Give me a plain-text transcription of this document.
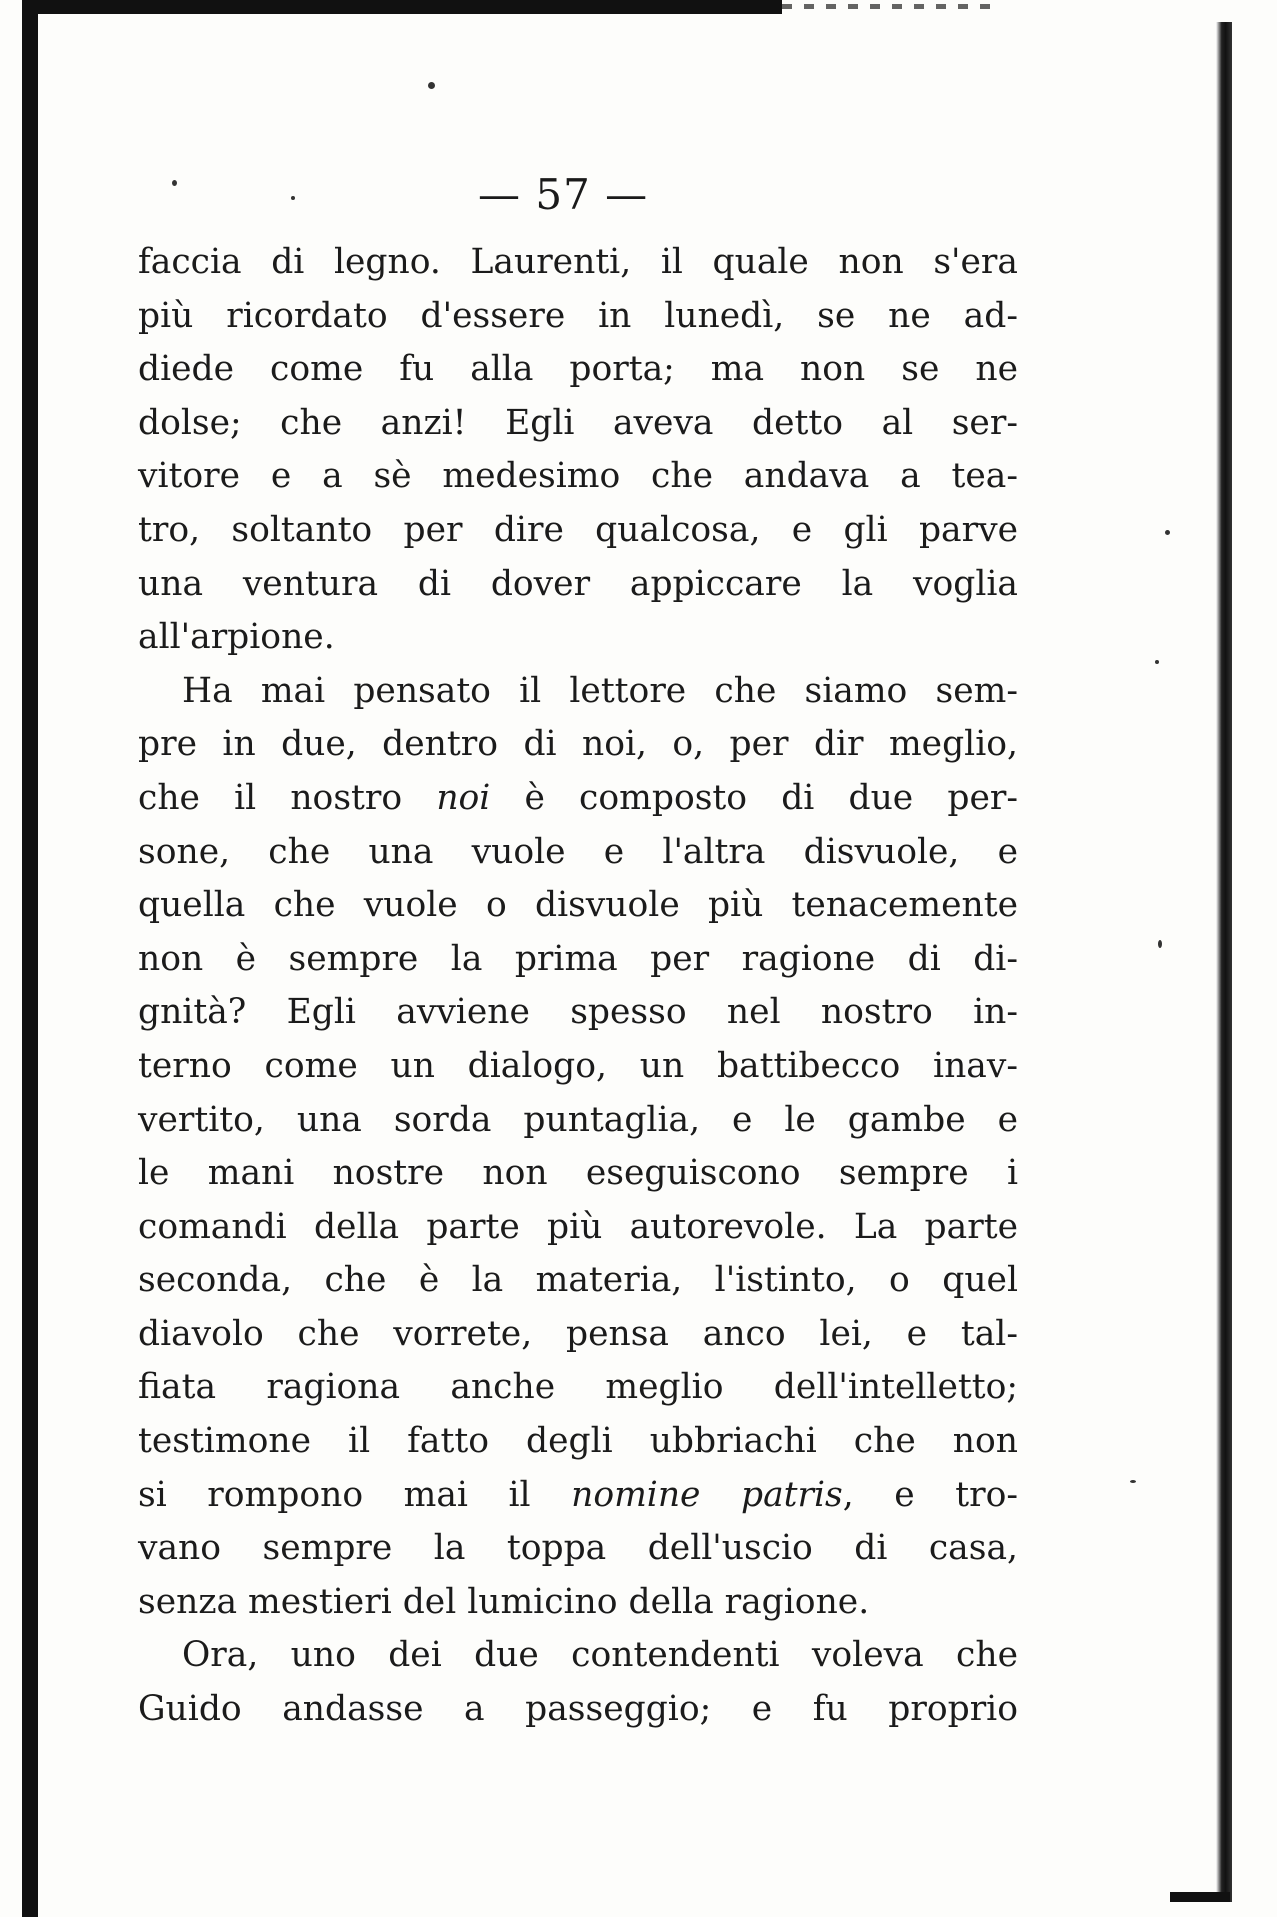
— 57 —
faccia di legno. Laurenti, il quale non s'era
più ricordato d'essere in lunedì, se ne ad-
diede come fu alla porta; ma non se ne
dolse; che anzi! Egli aveva detto al ser-
vitore e a sè medesimo che andava a tea-
tro, soltanto per dire qualcosa, e gli parve
una ventura di dover appiccare la voglia
all'arpione.
Ha mai pensato il lettore che siamo sem-
pre in due, dentro di noi, o, per dir meglio,
che il nostro noi è composto di due per-
sone, che una vuole e l'altra disvuole, e
quella che vuole o disvuole più tenacemente
non è sempre la prima per ragione di di-
gnità? Egli avviene spesso nel nostro in-
terno come un dialogo, un battibecco inav-
vertito, una sorda puntaglia, e le gambe e
le mani nostre non eseguiscono sempre i
comandi della parte più autorevole. La parte
seconda, che è la materia, l'istinto, o quel
diavolo che vorrete, pensa anco lei, e tal-
fiata ragiona anche meglio dell'intelletto;
testimone il fatto degli ubbriachi che non
si rompono mai il nomine patris, e tro-
vano sempre la toppa dell'uscio di casa,
senza mestieri del lumicino della ragione.
Ora, uno dei due contendenti voleva che
Guido andasse a passeggio; e fu proprio
